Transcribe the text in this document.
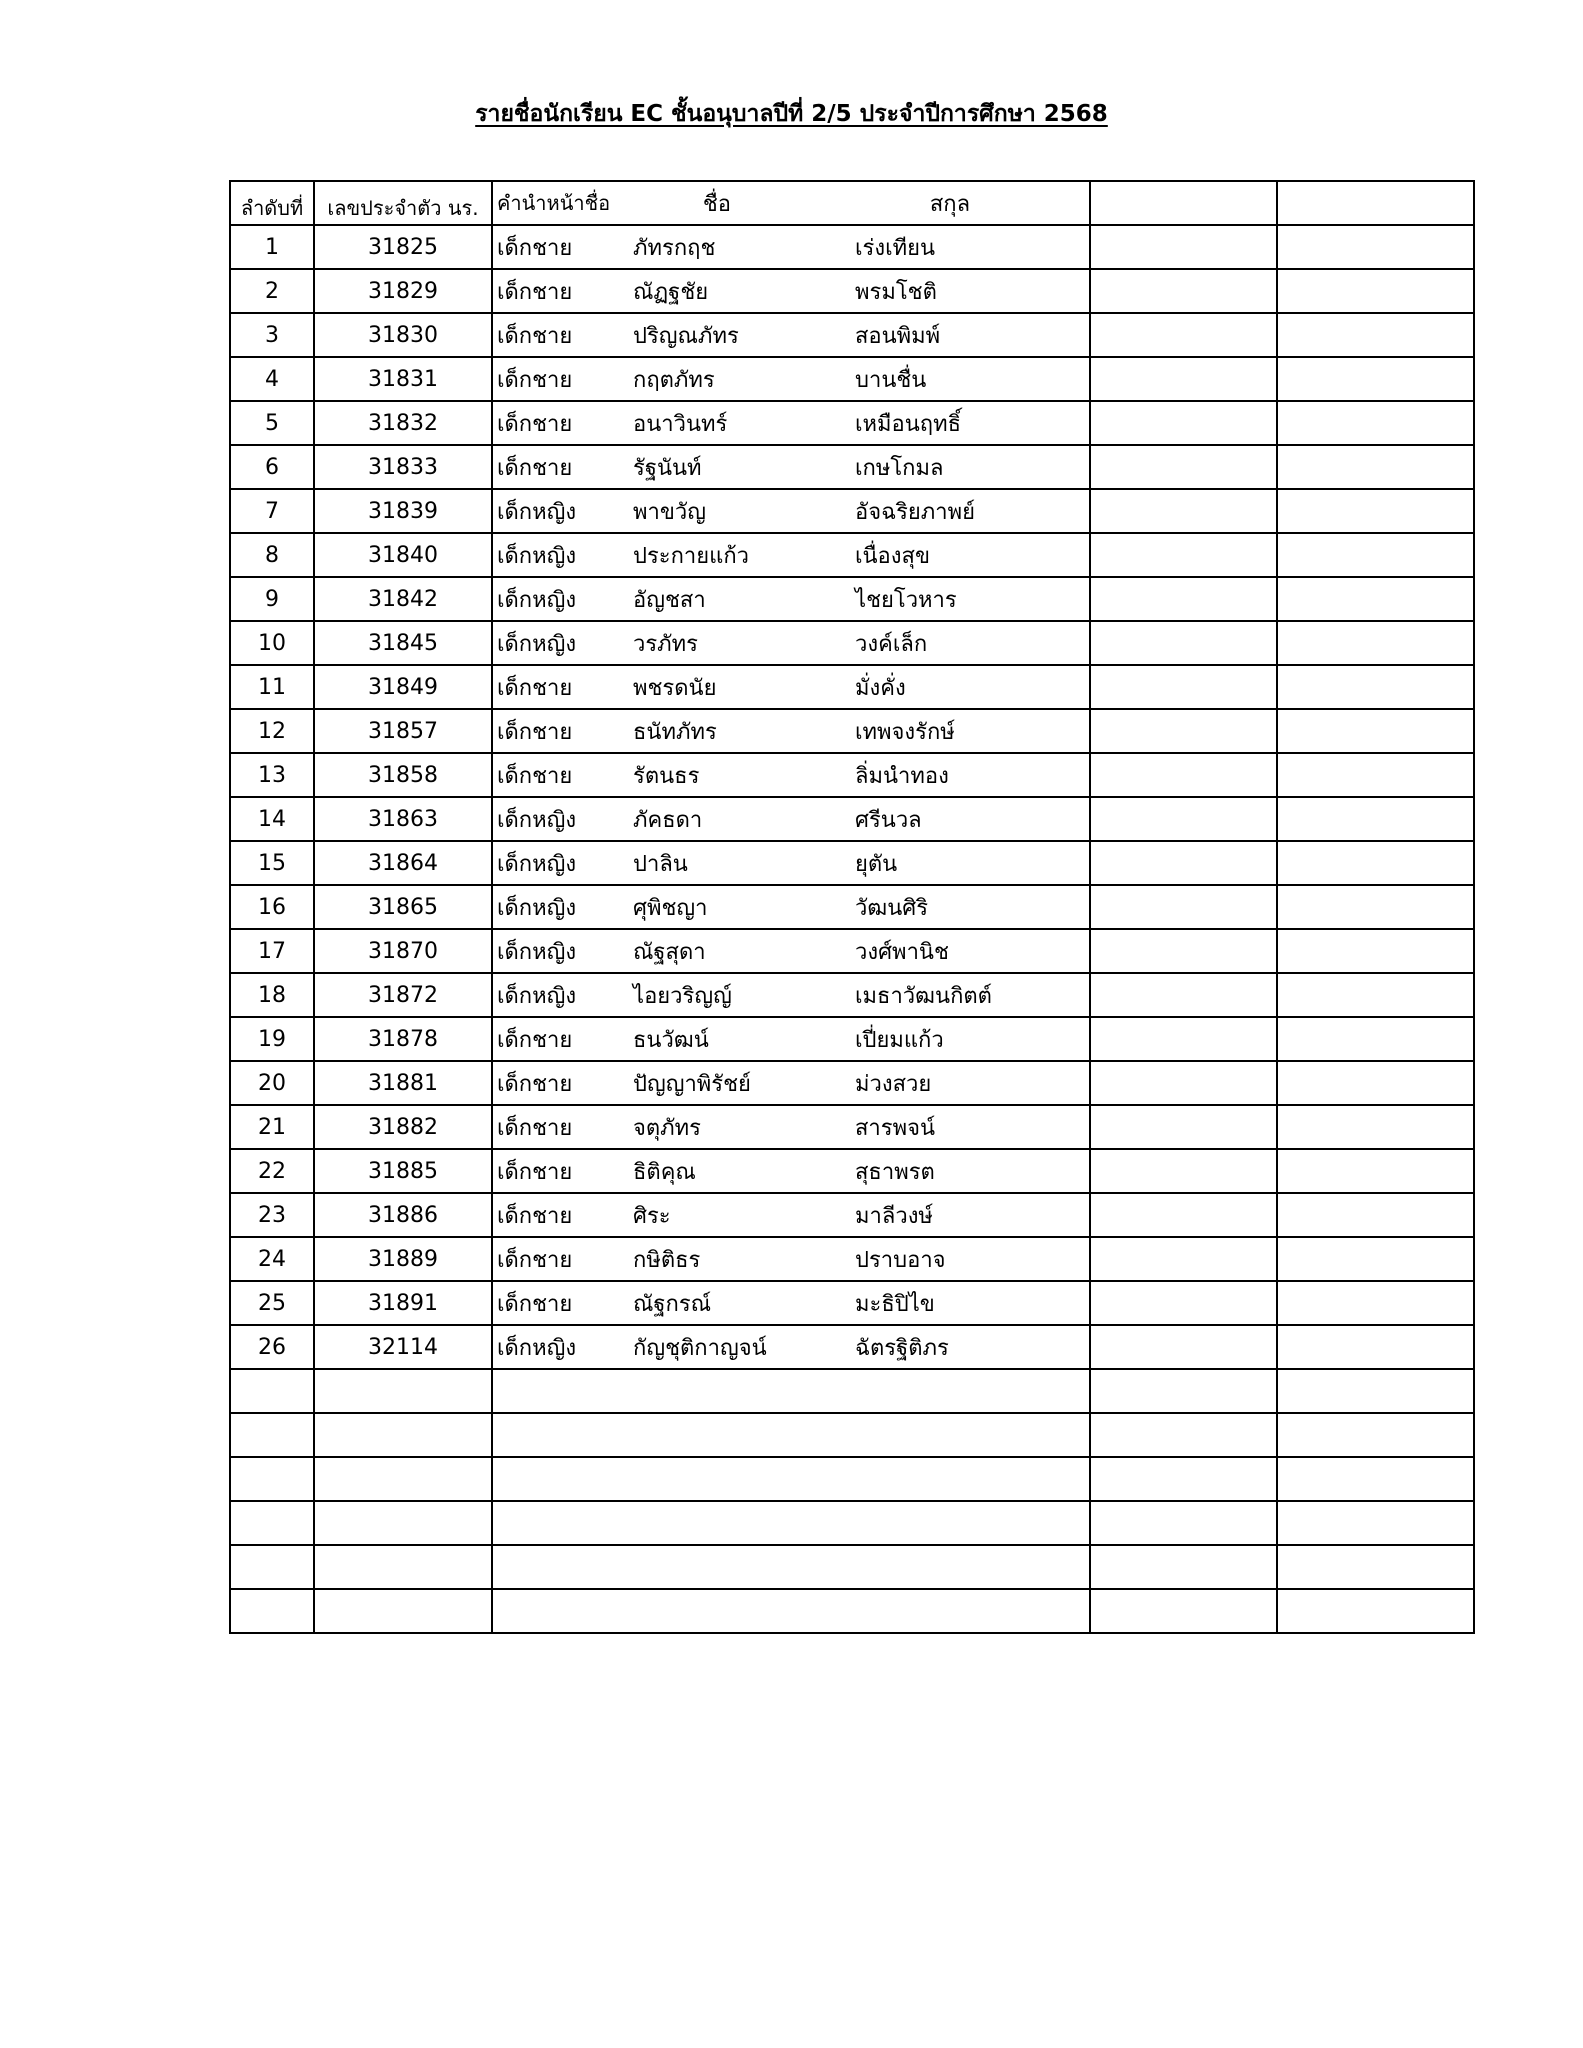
รายชื่อนักเรียน EC ชั้นอนุบาลปีที่ 2/5 ประจำปีการศึกษา 2568
ลำดับที่	เลขประจำตัว นร.	คำนำหน้าชื่อ ชื่อ สกุล		

1	31825	เด็กชาย ภัทรกฤช เร่งเทียน		

2	31829	เด็กชาย ณัฏฐชัย พรมโชติ		

3	31830	เด็กชาย ปริญณภัทร สอนพิมพ์		

4	31831	เด็กชาย กฤตภัทร บานชื่น		

5	31832	เด็กชาย อนาวินทร์ เหมือนฤทธิ์		

6	31833	เด็กชาย รัฐนันท์ เกษโกมล		

7	31839	เด็กหญิง พาขวัญ อัจฉริยภาพย์		

8	31840	เด็กหญิง ประกายแก้ว เนื่องสุข		

9	31842	เด็กหญิง อัญชสา ไชยโวหาร		

10	31845	เด็กหญิง วรภัทร วงค์เล็ก		

11	31849	เด็กชาย พชรดนัย มั่งคั่ง		

12	31857	เด็กชาย ธนัทภัทร เทพจงรักษ์		

13	31858	เด็กชาย รัตนธร ลิ่มนำทอง		

14	31863	เด็กหญิง ภัคธดา ศรีนวล		

15	31864	เด็กหญิง ปาลิน ยุตัน		

16	31865	เด็กหญิง ศุพิชญา วัฒนศิริ		

17	31870	เด็กหญิง ณัฐสุดา วงศ์พานิช		

18	31872	เด็กหญิง ไอยวริญญ์ เมธาวัฒนกิตต์		

19	31878	เด็กชาย ธนวัฒน์ เปี่ยมแก้ว		

20	31881	เด็กชาย ปัญญาพิรัชย์ ม่วงสวย		

21	31882	เด็กชาย จตุภัทร สารพจน์		

22	31885	เด็กชาย ธิติคุณ สุธาพรต		

23	31886	เด็กชาย ศิระ มาลีวงษ์		

24	31889	เด็กชาย กษิติธร ปราบอาจ		

25	31891	เด็กชาย ณัฐกรณ์ มะธิปิไข		

26	32114	เด็กหญิง กัญชุติกาญจน์ ฉัตรฐิติภร		
